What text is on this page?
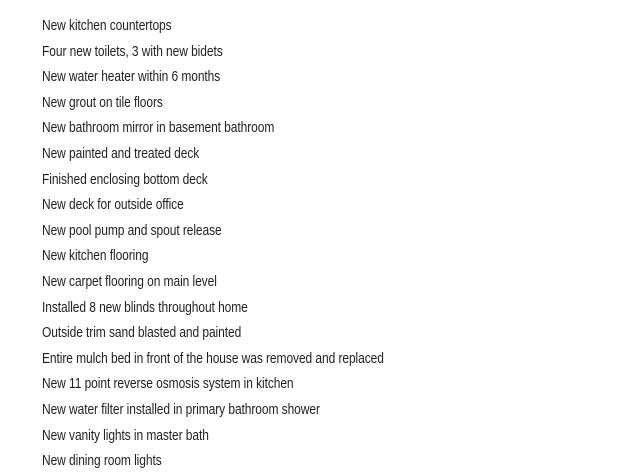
New kitchen countertops
Four new toilets, 3 with new bidets
New water heater within 6 months
New grout on tile floors
New bathroom mirror in basement bathroom
New painted and treated deck
Finished enclosing bottom deck
New deck for outside office
New pool pump and spout release
New kitchen flooring
New carpet flooring on main level
Installed 8 new blinds throughout home
Outside trim sand blasted and painted
Entire mulch bed in front of the house was removed and replaced
New 11 point reverse osmosis system in kitchen
New water filter installed in primary bathroom shower
New vanity lights in master bath
New dining room lights
